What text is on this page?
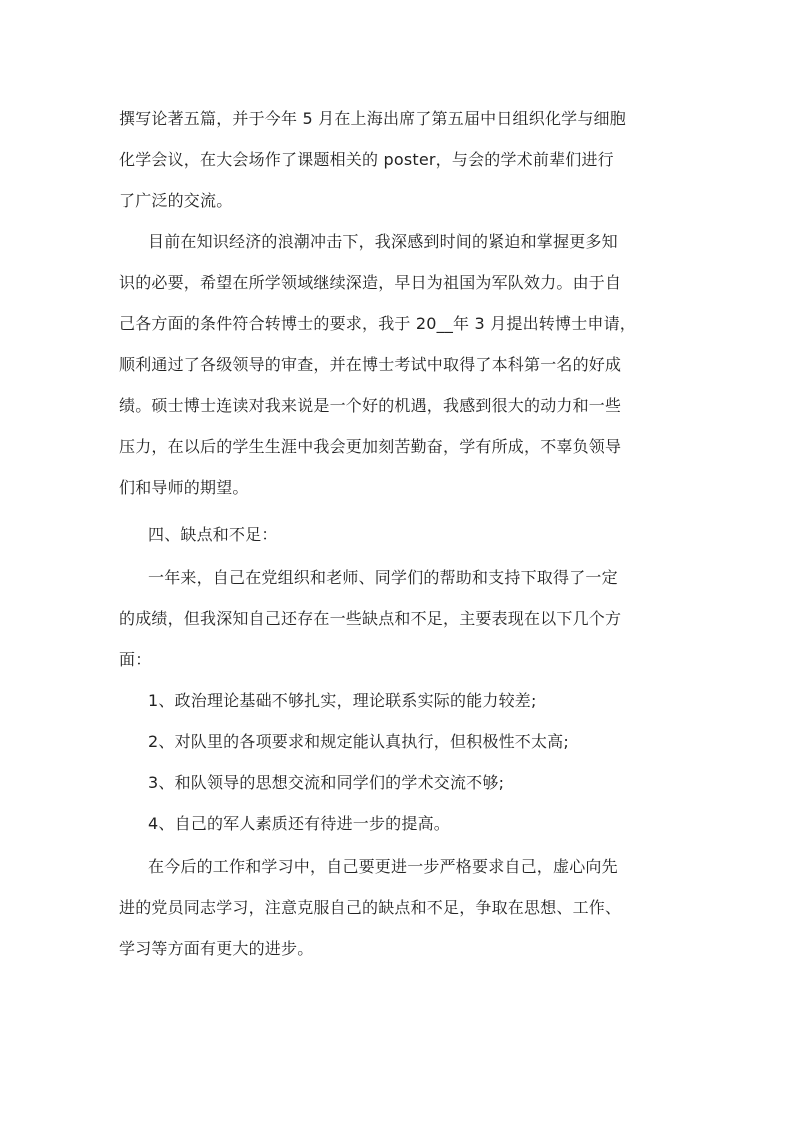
撰写论著五篇，并于今年 5 月在上海出席了第五届中日组织化学与细胞
化学会议，在大会场作了课题相关的 poster，与会的学术前辈们进行
了广泛的交流。
目前在知识经济的浪潮冲击下，我深感到时间的紧迫和掌握更多知
识的必要，希望在所学领域继续深造，早日为祖国为军队效力。由于自
己各方面的条件符合转博士的要求，我于 20__年 3 月提出转博士申请，
顺利通过了各级领导的审查，并在博士考试中取得了本科第一名的好成
绩。硕士博士连读对我来说是一个好的机遇，我感到很大的动力和一些
压力，在以后的学生生涯中我会更加刻苦勤奋，学有所成，不辜负领导
们和导师的期望。
四、缺点和不足：
一年来，自己在党组织和老师、同学们的帮助和支持下取得了一定
的成绩，但我深知自己还存在一些缺点和不足，主要表现在以下几个方
面：
1、政治理论基础不够扎实，理论联系实际的能力较差;
2、对队里的各项要求和规定能认真执行，但积极性不太高;
3、和队领导的思想交流和同学们的学术交流不够;
4、自己的军人素质还有待进一步的提高。
在今后的工作和学习中，自己要更进一步严格要求自己，虚心向先
进的党员同志学习，注意克服自己的缺点和不足，争取在思想、工作、
学习等方面有更大的进步。
